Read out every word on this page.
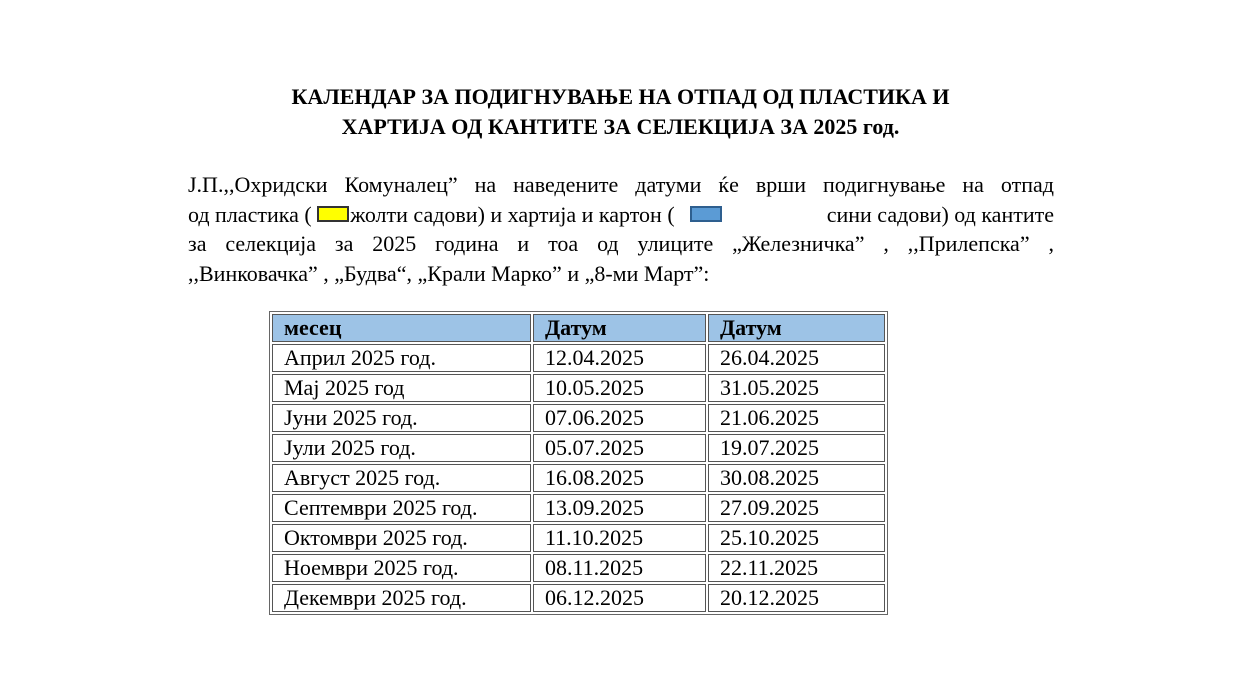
КАЛЕНДАР ЗА ПОДИГНУВАЊЕ НА ОТПАД ОД ПЛАСТИКА И
ХАРТИЈА ОД КАНТИТЕ ЗА СЕЛЕКЦИЈА ЗА 2025 год.
Ј.П.,,Охридски Комуналец” на наведените датуми ќе врши подигнување на отпад
од пластика ( жолти садови) и хартија и картон (	сини садови) од кантите
за селекција за 2025 година и тоа од улиците „Железничка” , ,,Прилепска” ,
,,Винковачка” , „Будва“, „Крали Марко” и „8-ми Март”:
месец	Датум	Датум
Април 2025 год.	12.04.2025	26.04.2025
Мај 2025 год	10.05.2025	31.05.2025
Јуни 2025 год.	07.06.2025	21.06.2025
Јули 2025 год.	05.07.2025	19.07.2025
Август 2025 год.	16.08.2025	30.08.2025
Септември 2025 год.	13.09.2025	27.09.2025
Октомври 2025 год.	11.10.2025	25.10.2025
Ноември 2025 год.	08.11.2025	22.11.2025
Декември 2025 год.	06.12.2025	20.12.2025
